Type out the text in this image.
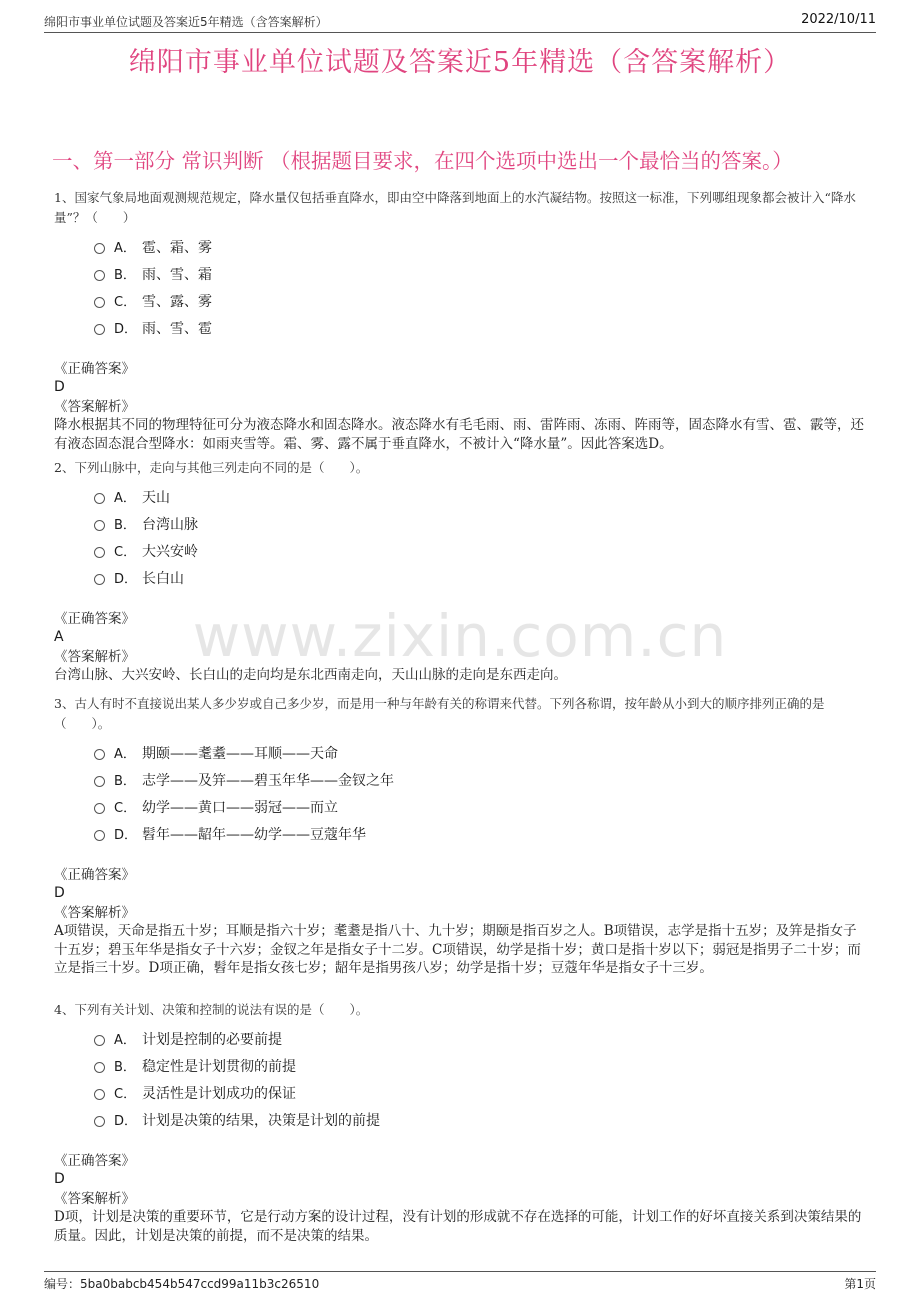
绵阳市事业单位试题及答案近5年精选（含答案解析）	2022/10/11
绵阳市事业单位试题及答案近5年精选（含答案解析）
一、第一部分 常识判断 （根据题目要求，在四个选项中选出一个最恰当的答案。）
www.zixin.com.cn
1、国家气象局地面观测规范规定，降水量仅包括垂直降水，即由空中降落到地面上的水汽凝结物。按照这一标准，下列哪组现象都会被计入“降水量”？（　　）
A． 雹、霜、雾
B． 雨、雪、霜
C． 雪、露、雾
D． 雨、雪、雹
《正确答案》
D
《答案解析》
降水根据其不同的物理特征可分为液态降水和固态降水。液态降水有毛毛雨、雨、雷阵雨、冻雨、阵雨等，固态降水有雪、雹、霰等，还有液态固态混合型降水：如雨夹雪等。霜、雾、露不属于垂直降水，不被计入“降水量”。因此答案选D。
2、下列山脉中，走向与其他三列走向不同的是（　　）。
A． 天山
B． 台湾山脉
C． 大兴安岭
D． 长白山
《正确答案》
A
《答案解析》
台湾山脉、大兴安岭、长白山的走向均是东北西南走向，天山山脉的走向是东西走向。
3、古人有时不直接说出某人多少岁或自己多少岁，而是用一种与年龄有关的称谓来代替。下列各称谓，按年龄从小到大的顺序排列正确的是（　　）。
A． 期颐——耄耋——耳顺——天命
B． 志学——及笄——碧玉年华——金钗之年
C． 幼学——黄口——弱冠——而立
D． 髫年——龆年——幼学——豆蔻年华
《正确答案》
D
《答案解析》
A项错误，天命是指五十岁；耳顺是指六十岁；耄耋是指八十、九十岁；期颐是指百岁之人。B项错误，志学是指十五岁；及笄是指女子十五岁；碧玉年华是指女子十六岁；金钗之年是指女子十二岁。C项错误，幼学是指十岁；黄口是指十岁以下；弱冠是指男子二十岁；而立是指三十岁。D项正确，髫年是指女孩七岁；龆年是指男孩八岁；幼学是指十岁；豆蔻年华是指女子十三岁。
4、下列有关计划、决策和控制的说法有误的是（　　）。
A． 计划是控制的必要前提
B． 稳定性是计划贯彻的前提
C． 灵活性是计划成功的保证
D． 计划是决策的结果，决策是计划的前提
《正确答案》
D
《答案解析》
D项，计划是决策的重要环节，它是行动方案的设计过程，没有计划的形成就不存在选择的可能，计划工作的好坏直接关系到决策结果的质量。因此，计划是决策的前提，而不是决策的结果。
编号：5ba0babcb454b547ccd99a11b3c26510	第1页
